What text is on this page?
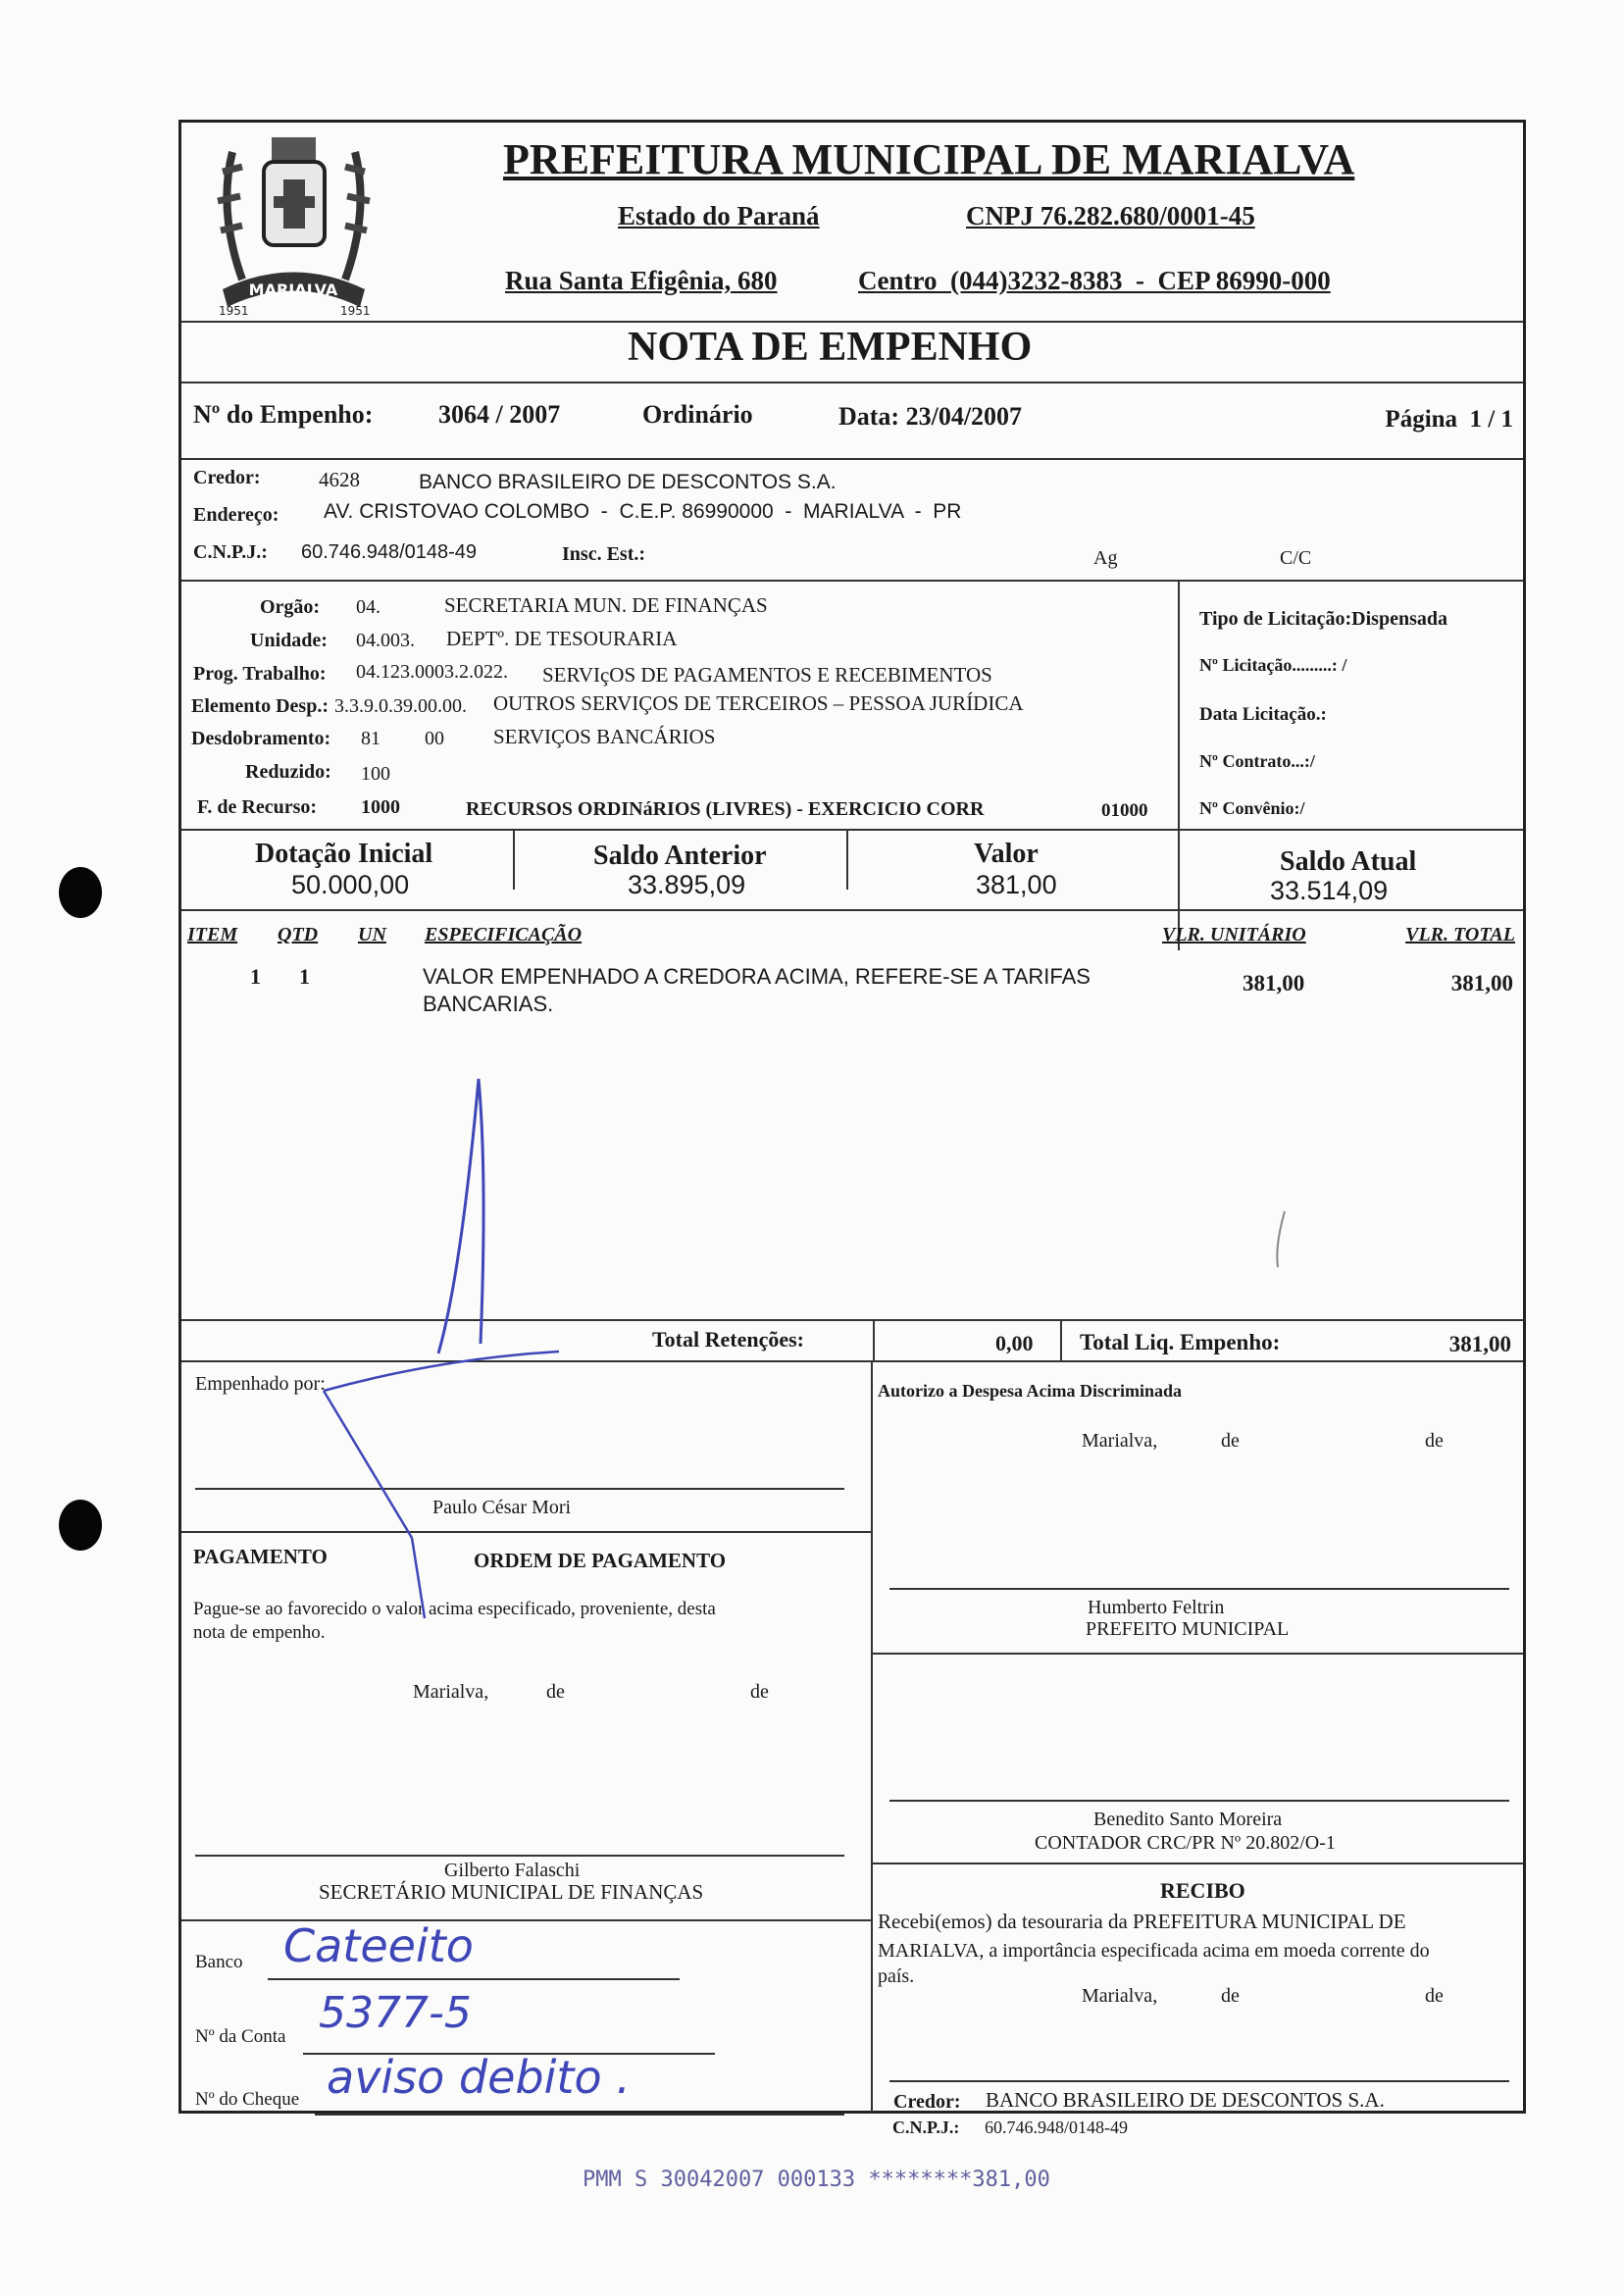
MARIALVA
1951	1951
PREFEITURA MUNICIPAL DE MARIALVA
Estado do Paraná	CNPJ 76.282.680/0001-45
Rua Santa Efigênia, 680	Centro  (044)3232-8383  -  CEP 86990-000
NOTA DE EMPENHO
Nº do Empenho:	3064 / 2007	Ordinário	Data: 23/04/2007	Página  1 / 1
Credor:	4628	BANCO BRASILEIRO DE DESCONTOS S.A.
Endereço: AV. CRISTOVAO COLOMBO  -  C.E.P. 86990000  -  MARIALVA  -  PR
C.N.P.J.: 60.746.948/0148-49	Insc. Est.:	Ag	C/C
Orgão: 04.	SECRETARIA MUN. DE FINANÇAS
Unidade: 04.003. DEPTº. DE TESOURARIA
Prog. Trabalho: 04.123.0003.2.022. SERVIçOS DE PAGAMENTOS E RECEBIMENTOS
Elemento Desp.: 3.3.9.0.39.00.00. OUTROS SERVIÇOS DE TERCEIROS – PESSOA JURÍDICA
Desdobramento: 81 00 SERVIÇOS BANCÁRIOS
Reduzido: 100
F. de Recurso: 1000	RECURSOS ORDINáRIOS (LIVRES) - EXERCICIO CORR	01000
Tipo de Licitação:Dispensada
Nº Licitação.........: /
Data Licitação.:
Nº Contrato...:/
Nº Convênio:/
Dotação Inicial
50.000,00
Saldo Anterior
33.895,09
Valor
381,00
Saldo Atual
33.514,09
ITEM QTD UN ESPECIFICAÇÃO	VLR. UNITÁRIO	VLR. TOTAL
1 1	VALOR EMPENHADO A CREDORA ACIMA, REFERE-SE A TARIFAS
BANCARIAS.
381,00	381,00
Total Retenções:	0,00 Total Liq. Empenho:	381,00
Empenhado por:
Paulo César Mori
Autorizo a Despesa Acima Discriminada
Marialva,	de	de
Humberto Feltrin
PREFEITO MUNICIPAL
PAGAMENTO	ORDEM DE PAGAMENTO
Pague-se ao favorecido o valor acima especificado, proveniente, desta
nota de empenho.
Marialva,	de	de
Benedito Santo Moreira
CONTADOR CRC/PR Nº 20.802/O-1
Gilberto Falaschi
SECRETÁRIO MUNICIPAL DE FINANÇAS	RECIBO
Recebi(emos) da tesouraria da PREFEITURA MUNICIPAL DE
MARIALVA, a importância especificada acima em moeda corrente do
país.
Marialva,	de	de
Credor: BANCO BRASILEIRO DE DESCONTOS S.A.
Banco Cateeito
Nº da Conta 5377-5
Nº do Cheque aviso debito .
C.N.P.J.: 60.746.948/0148-49
PMM S 30042007 000133 ********381,00
